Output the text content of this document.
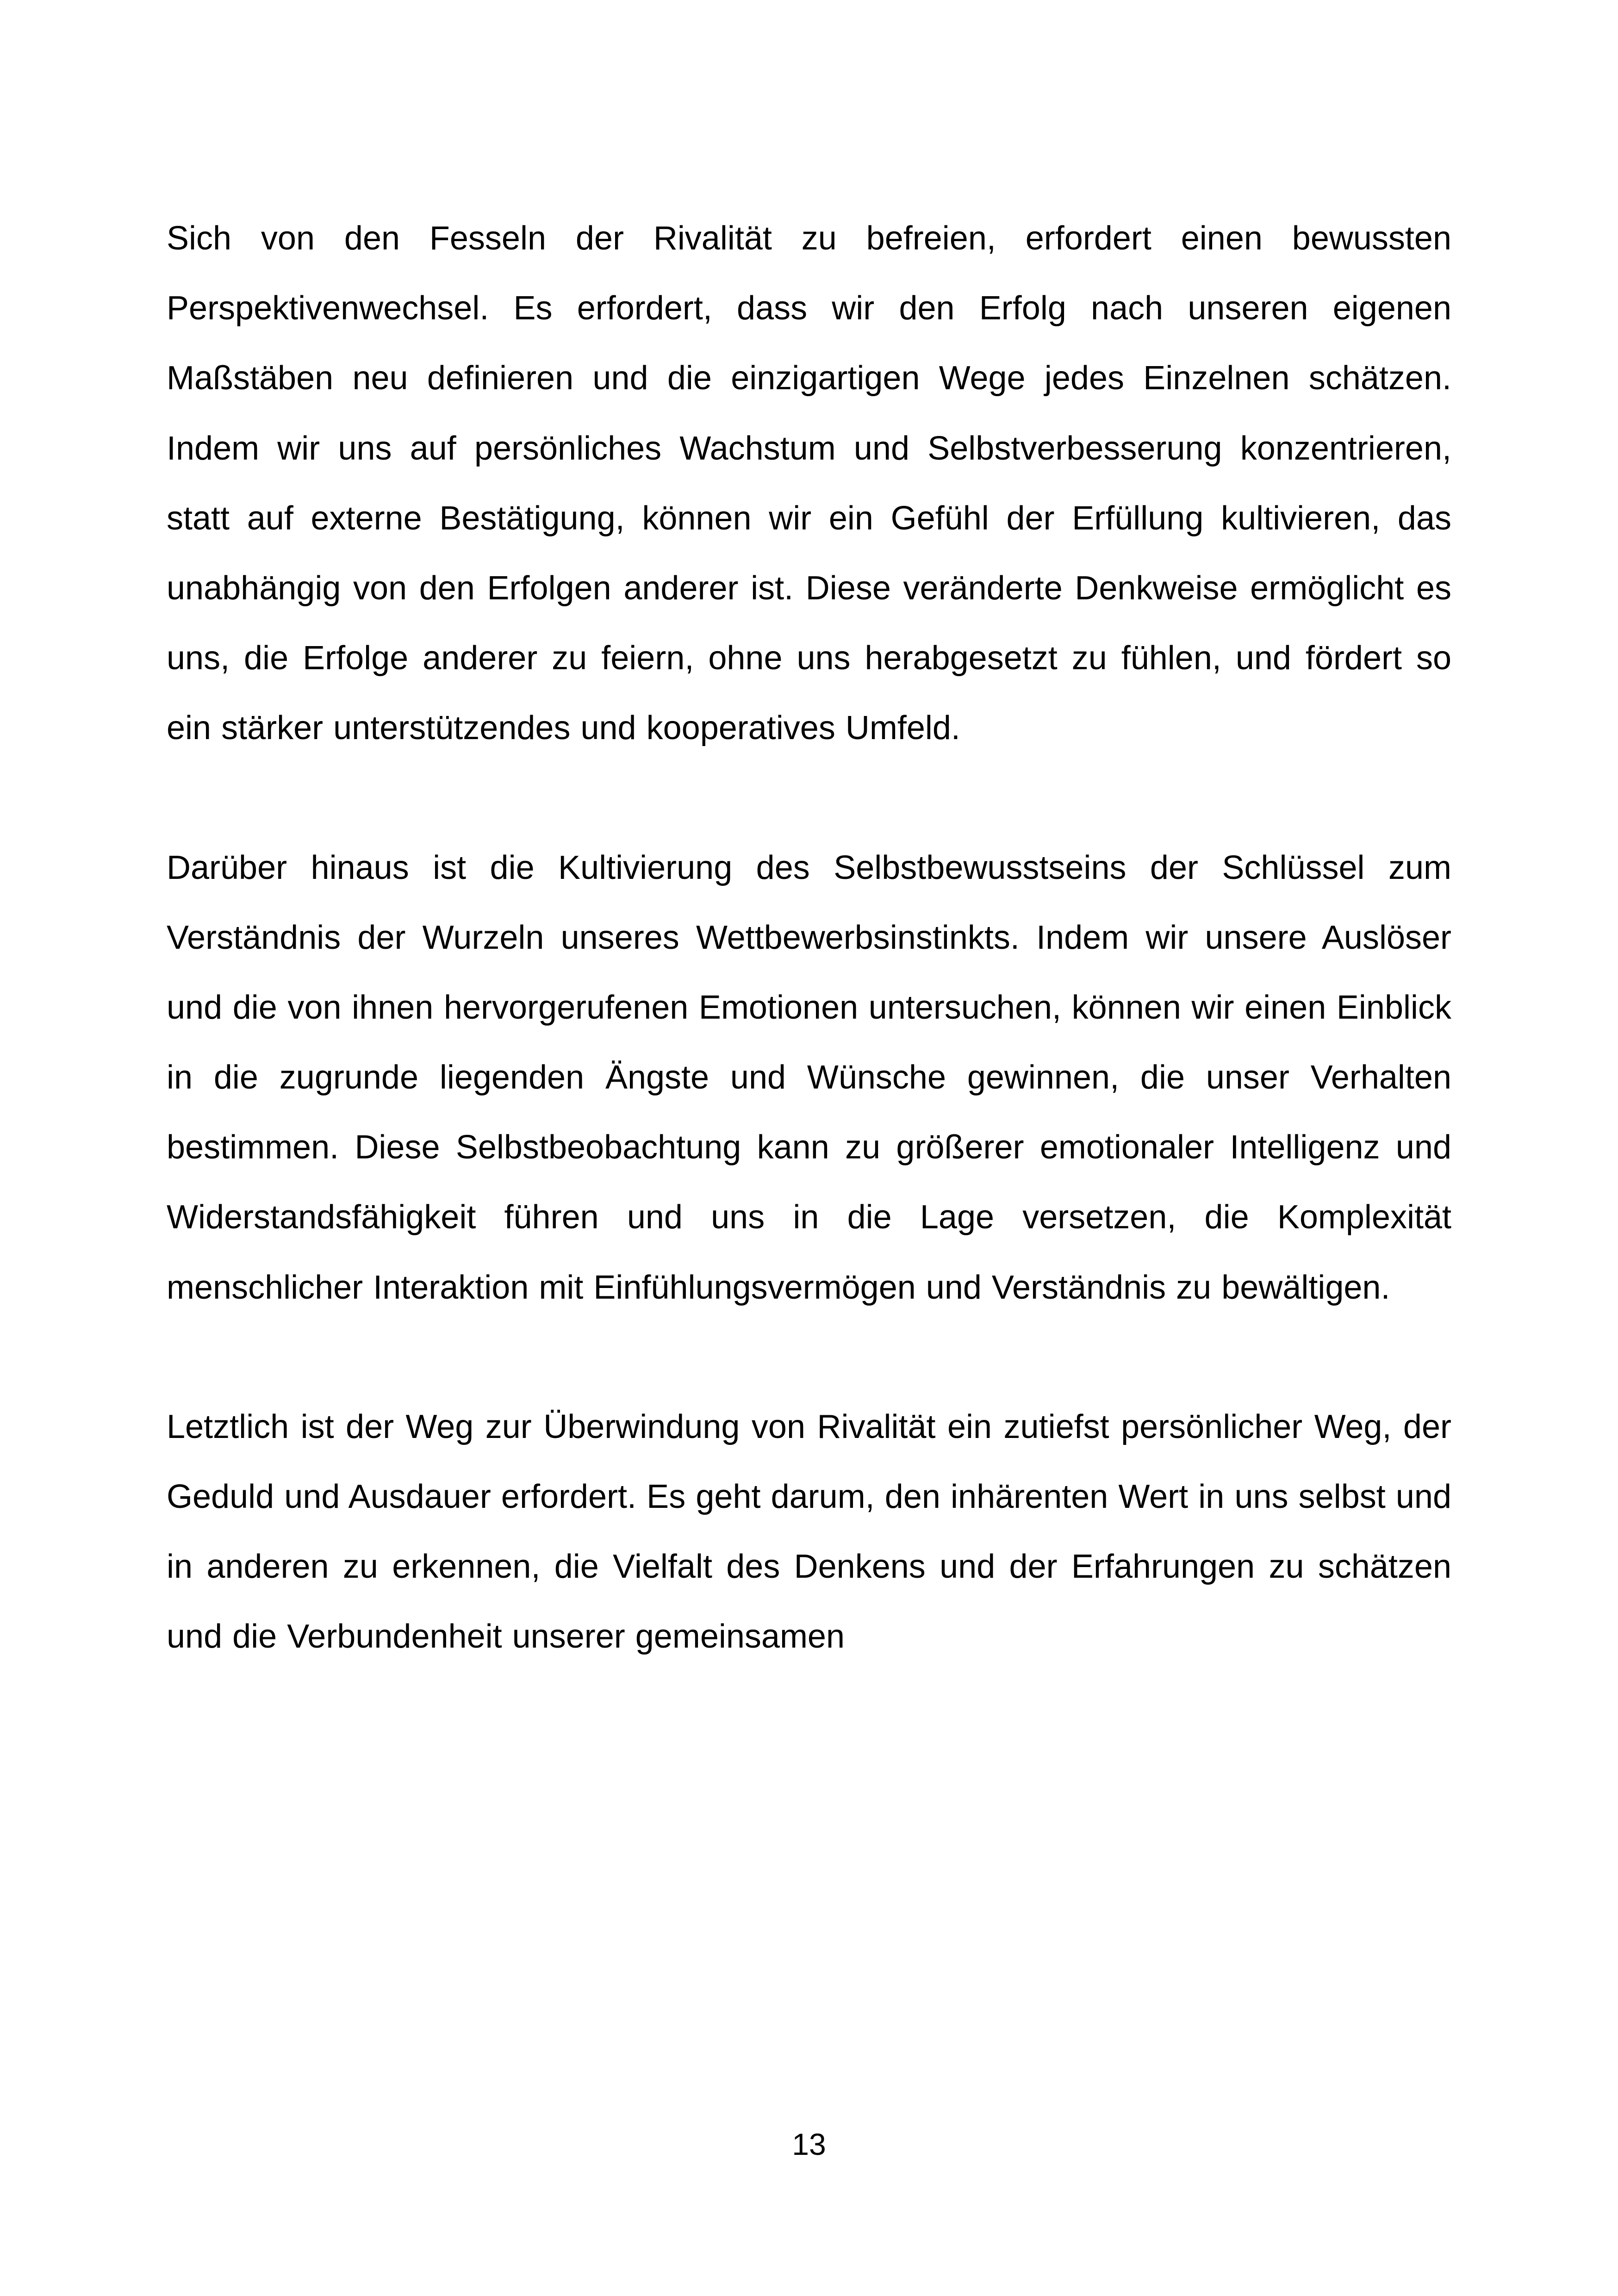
Sich von den Fesseln der Rivalität zu befreien, erfordert einen bewussten Perspektivenwechsel. Es erfordert, dass wir den Erfolg nach unseren eigenen Maßstäben neu definieren und die einzigartigen Wege jedes Einzelnen schätzen. Indem wir uns auf persönliches Wachstum und Selbstverbesserung konzentrieren, statt auf externe Bestätigung, können wir ein Gefühl der Erfüllung kultivieren, das unabhängig von den Erfolgen anderer ist. Diese veränderte Denkweise ermöglicht es uns, die Erfolge anderer zu feiern, ohne uns herabgesetzt zu fühlen, und fördert so ein stärker unterstützendes und kooperatives Umfeld.

Darüber hinaus ist die Kultivierung des Selbstbewusstseins der Schlüssel zum Verständnis der Wurzeln unseres Wettbewerbsinstinkts. Indem wir unsere Auslöser und die von ihnen hervorgerufenen Emotionen untersuchen, können wir einen Einblick in die zugrunde liegenden Ängste und Wünsche gewinnen, die unser Verhalten bestimmen. Diese Selbstbeobachtung kann zu größerer emotionaler Intelligenz und Widerstandsfähigkeit führen und uns in die Lage versetzen, die Komplexität menschlicher Interaktion mit Einfühlungsvermögen und Verständnis zu bewältigen.

Letztlich ist der Weg zur Überwindung von Rivalität ein zutiefst persönlicher Weg, der Geduld und Ausdauer erfordert. Es geht darum, den inhärenten Wert in uns selbst und in anderen zu erkennen, die Vielfalt des Denkens und der Erfahrungen zu schätzen und die Verbundenheit unserer gemeinsamen

13
